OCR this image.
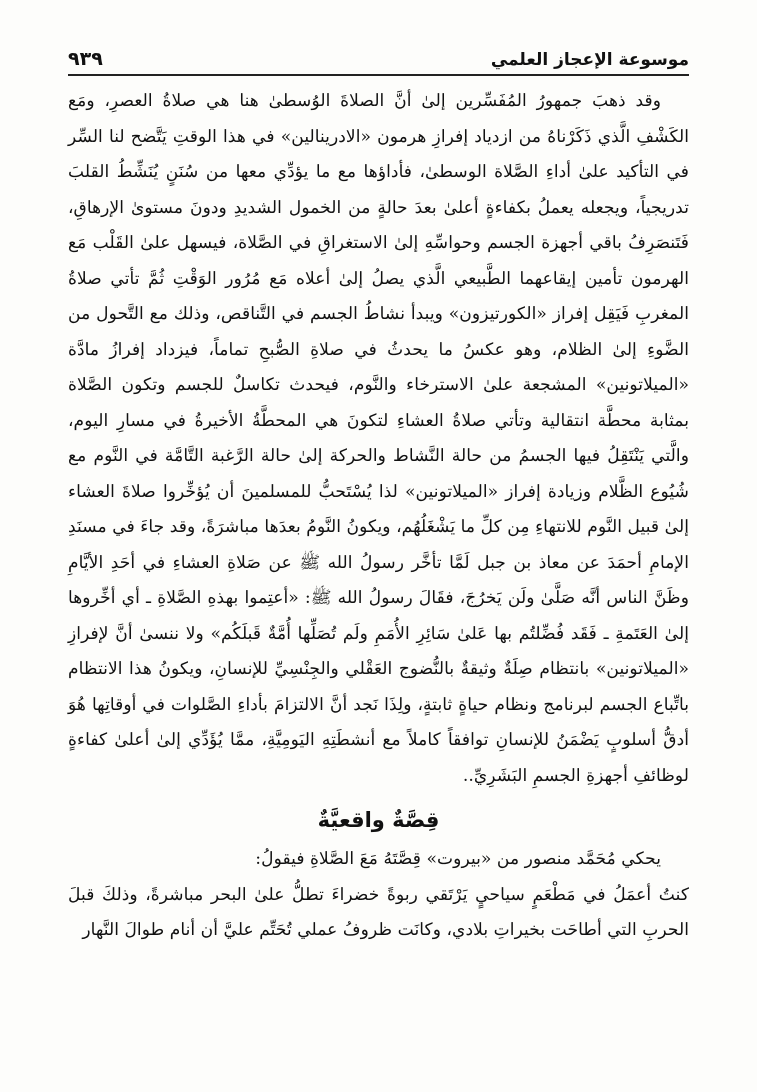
موسوعة الإعجاز العلمي
٩٣٩

وقد ذهبَ جمهورُ المُفَسِّرين إلىٰ أنَّ الصلاةَ الوُسطىٰ هنا هي صلاةُ العصرِ، ومَع الكَشْفِ الَّذي ذَكَرْناهُ من ازدياد إفرازِ هرمون «الادرينالين» في هذا الوقتِ يَتَّضح لنا السِّر في التأكيد علىٰ أداءِ الصَّلاة الوسطىٰ، فأداؤها مع ما يؤدِّي معها من سُنَنٍ يُنَشِّطُ القلبَ تدريجياً، ويجعله يعملُ بكفاءةٍ أعلىٰ بعدَ حالةٍ من الخمول الشديدِ ودونَ مستوىٰ الإرهاقِ، فَتَنصَرِفُ باقي أجهزة الجسم وحواسِّهِ إلىٰ الاستغراقِ في الصَّلاة، فيسهل علىٰ القَلْب مَع الهرمون تأمين إيقاعهما الطَّبيعي الَّذي يصلُ إلىٰ أعلاه مَع مُرُور الوَقْتِ ثُمَّ تأتي صلاةُ المغربِ فَيَقِل إفراز «الكورتيزون» ويبدأ نشاطُ الجسم في التَّناقص، وذلك مع التَّحول من الضَّوءِ إلىٰ الظلام، وهو عكسُ ما يحدثُ في صلاةِ الصُّبحِ تماماً، فيزداد إفرازُ مادَّة «الميلاتونين» المشجعة علىٰ الاسترخاء والنَّوم، فيحدث تكاسلٌ للجسم وتكون الصَّلاة بمثابة محطَّة انتقالية وتأتي صلاةُ العشاءِ لتكونَ هي المحطَّةُ الأخيرةُ في مسارِ اليوم، والَّتي يَنْتَقِلُ فيها الجسمُ من حالة النَّشاط والحركة إلىٰ حالة الرَّغبة التَّامَّة في النَّوم مع شُيُوع الظَّلام وزيادة إفراز «الميلاتونين» لذا يُسْتَحبُّ للمسلمينَ أن يُؤخِّروا صلاةَ العشاء إلىٰ قبيل النَّوم للانتهاءِ مِن كلِّ ما يَشْغَلُهُم، ويكونُ النَّومُ بعدَها مباشرَةً، وقد جاءَ في مسنَدِ الإمامِ أحمَدَ عن معاذ بن جبل لَمَّا تأخَّر رسولُ الله ﷺ عن صَلاةِ العشاءِ في أحَدِ الأيَّامِ وظَنَّ الناس أنَّه صَلَّىٰ ولَن يَخرُجَ، فقَالَ رسولُ الله ﷺ: «أعتِموا بهذهِ الصَّلاةِ ـ أي أخِّروها إلىٰ العَتَمةِ ـ فَقَد فُضِّلتُم بها عَلىٰ سَائِرِ الأُمَمِ ولَم تُصَلِّها أُمَّةٌ قَبلَكُم» ولا ننسىٰ أنَّ لإفرازِ «الميلاتونين» بانتظام صِلَةٌ وثيقةٌ بالنُّضوج العَقْلي والجِنْسِيِّ للإنسانِ، ويكونُ هذا الانتظام باتِّباع الجسم لبرنامج ونظام حياةٍ ثابتةٍ، ولِذَا نَجد أنَّ الالتزامَ بأداءِ الصَّلوات في أوقاتِها هُوَ أدقُّ أسلوبٍ يَضْمَنُ للإنسانِ توافقاً كاملاً مع أنشطَتِهِ اليَومِيَّةِ، ممَّا يُؤَدِّي إلىٰ أعلىٰ كفاءةٍ لوظائفِ أجهزةِ الجسمِ البَشَرِيِّ..

قِصَّةٌ واقعيَّةٌ

يحكي مُحَمَّد منصور من «بيروت» قِصَّتَهُ مَعَ الصَّلاةِ فيقولُ:

كنتُ أعمَلُ في مَطْعَمٍ سياحيٍ يَرْتَقي ربوةً خضراءَ تطلُّ علىٰ البحر مباشرةً، وذلكَ قبلَ الحربِ التي أطاحَت بخيراتِ بلادي، وكانَت ظروفُ عملي تُحَتِّم عليَّ أن أنام طوالَ النَّهار
